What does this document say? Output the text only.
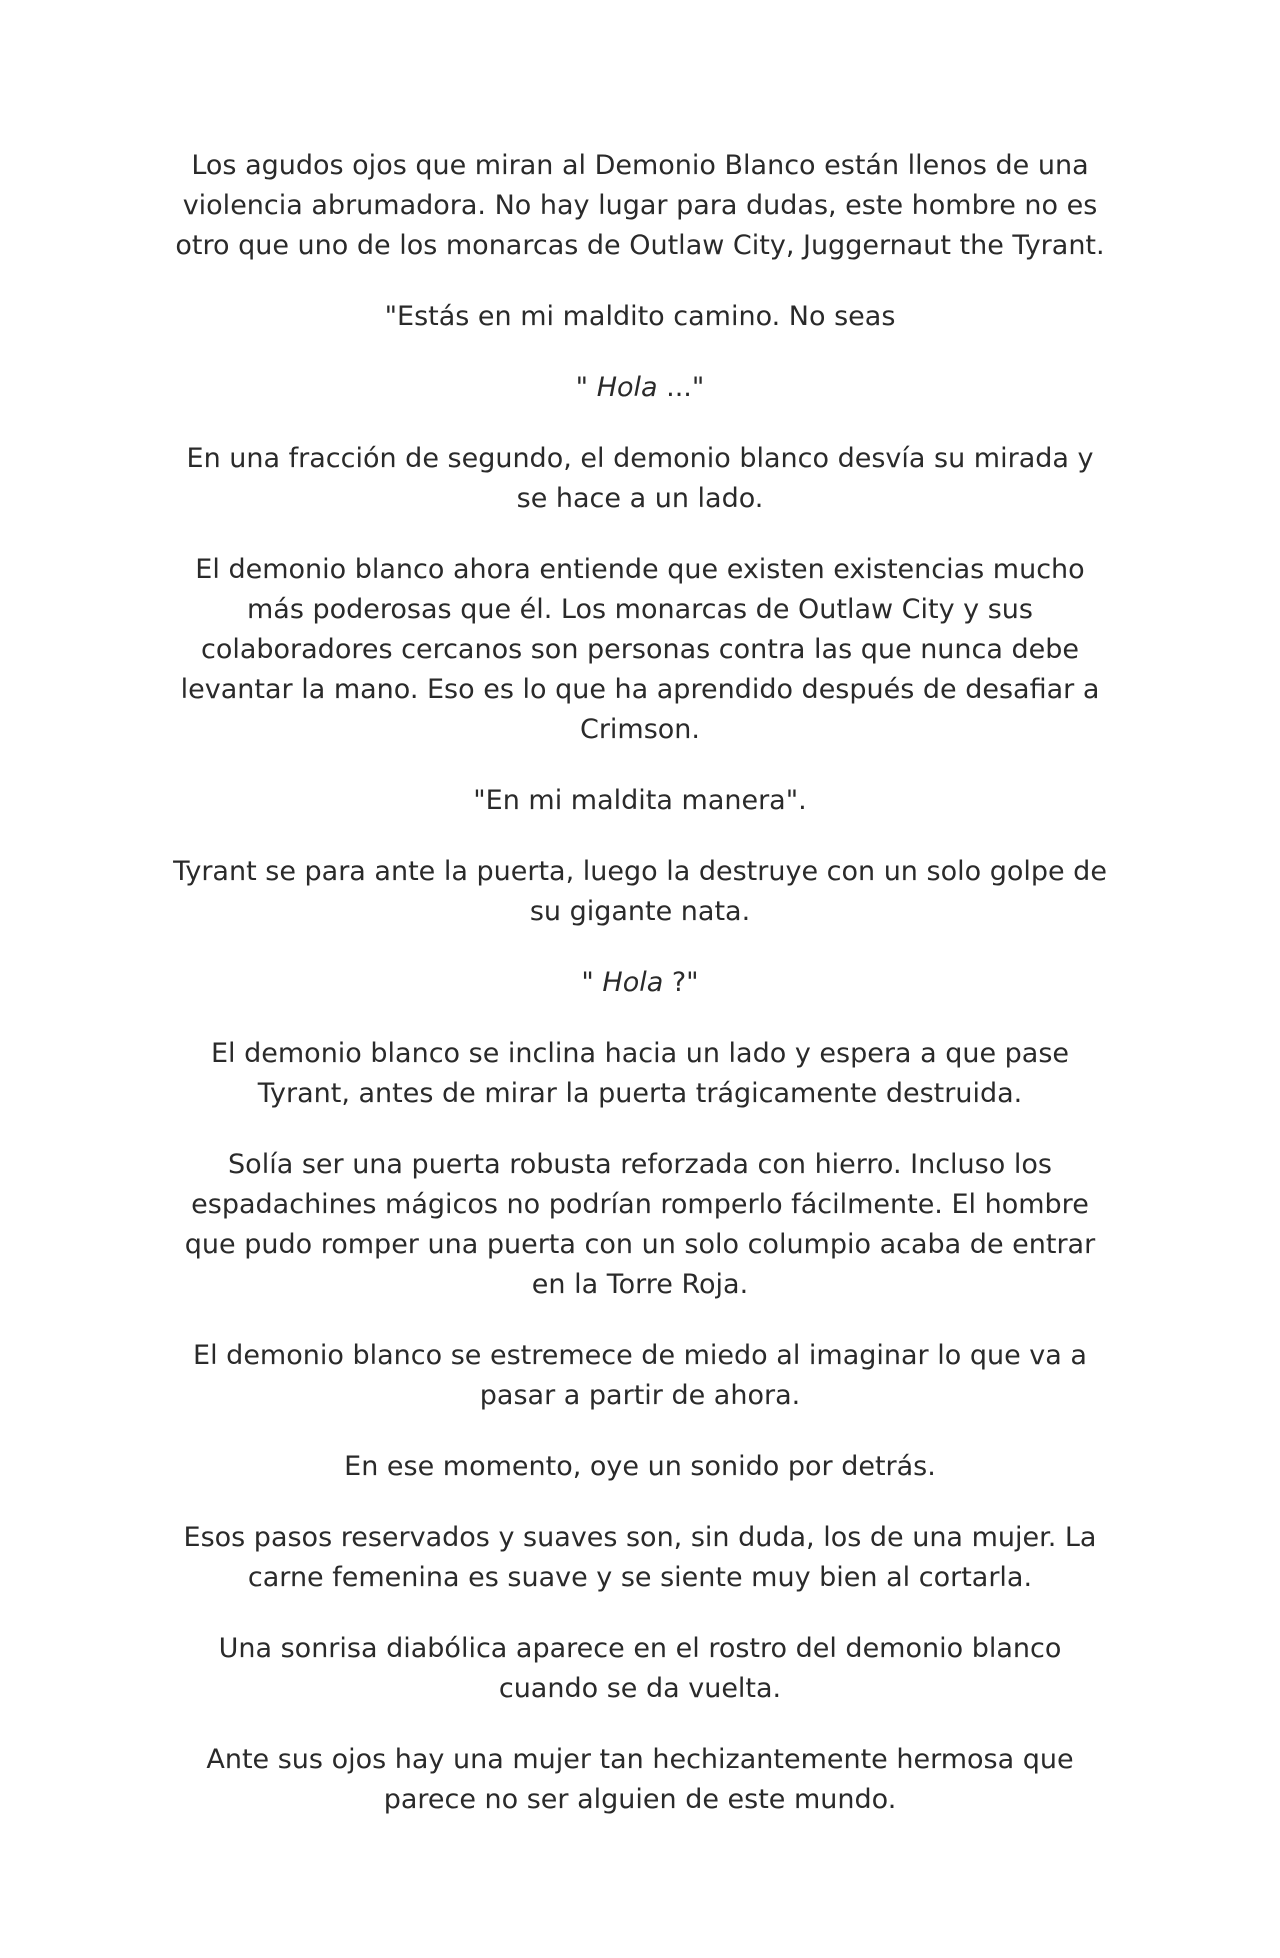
Los agudos ojos que miran al Demonio Blanco están llenos de una violencia abrumadora. No hay lugar para dudas, este hombre no es otro que uno de los monarcas de Outlaw City, Juggernaut the Tyrant.

"Estás en mi maldito camino. No seas

" Hola ..."

En una fracción de segundo, el demonio blanco desvía su mirada y se hace a un lado.

El demonio blanco ahora entiende que existen existencias mucho más poderosas que él. Los monarcas de Outlaw City y sus colaboradores cercanos son personas contra las que nunca debe levantar la mano. Eso es lo que ha aprendido después de desafiar a Crimson.

"En mi maldita manera".

Tyrant se para ante la puerta, luego la destruye con un solo golpe de su gigante nata.

" Hola ?"

El demonio blanco se inclina hacia un lado y espera a que pase Tyrant, antes de mirar la puerta trágicamente destruida.

Solía ser una puerta robusta reforzada con hierro. Incluso los espadachines mágicos no podrían romperlo fácilmente. El hombre que pudo romper una puerta con un solo columpio acaba de entrar en la Torre Roja.

El demonio blanco se estremece de miedo al imaginar lo que va a pasar a partir de ahora.

En ese momento, oye un sonido por detrás.

Esos pasos reservados y suaves son, sin duda, los de una mujer. La carne femenina es suave y se siente muy bien al cortarla.

Una sonrisa diabólica aparece en el rostro del demonio blanco cuando se da vuelta.

Ante sus ojos hay una mujer tan hechizantemente hermosa que parece no ser alguien de este mundo.
